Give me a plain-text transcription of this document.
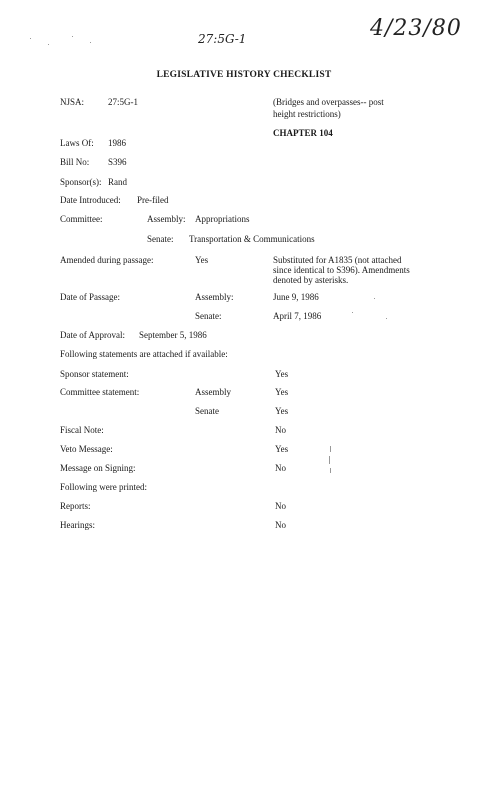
27:5G-1	4/23/80
LEGISLATIVE HISTORY CHECKLIST
NJSA:	27:5G-1	(Bridges and overpasses-- post
height restrictions)
CHAPTER 104
Laws Of: 1986
Bill No: S396
Sponsor(s): Rand
Date Introduced: Pre-filed
Committee:	Assembly: Appropriations
Senate: Transportation & Communications
Amended during passage:	Yes	Substituted for A1835 (not attached
since identical to S396). Amendments
denoted by asterisks.
Date of Passage:	Assembly:	June 9, 1986
Senate:	April 7, 1986
Date of Approval: September 5, 1986
Following statements are attached if available:
Sponsor statement:	Yes
Committee statement:	Assembly	Yes
Senate	Yes
Fiscal Note:	No
Veto Message:	Yes
Message on Signing:	No
Following were printed:
Reports:	No
Hearings:	No
